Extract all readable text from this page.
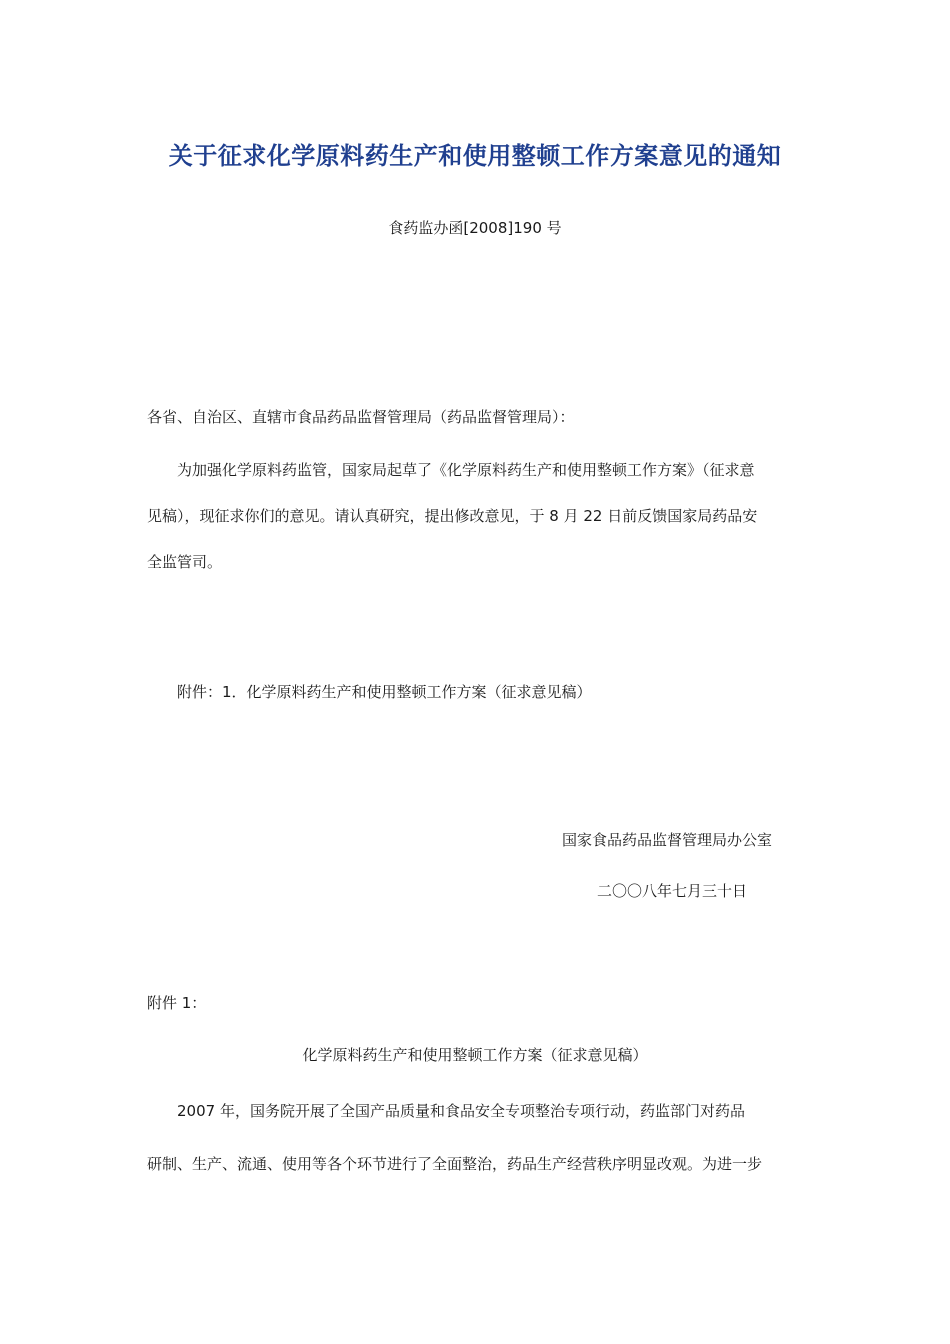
关于征求化学原料药生产和使用整顿工作方案意见的通知

食药监办函[2008]190 号

各省、自治区、直辖市食品药品监督管理局（药品监督管理局）：

为加强化学原料药监管，国家局起草了《化学原料药生产和使用整顿工作方案》（征求意
见稿），现征求你们的意见。请认真研究，提出修改意见，于 8 月 22 日前反馈国家局药品安
全监管司。

附件：1．化学原料药生产和使用整顿工作方案（征求意见稿）

国家食品药品监督管理局办公室

二〇〇八年七月三十日

附件 1：

化学原料药生产和使用整顿工作方案（征求意见稿）

2007 年，国务院开展了全国产品质量和食品安全专项整治专项行动，药监部门对药品
研制、生产、流通、使用等各个环节进行了全面整治，药品生产经营秩序明显改观。为进一步
